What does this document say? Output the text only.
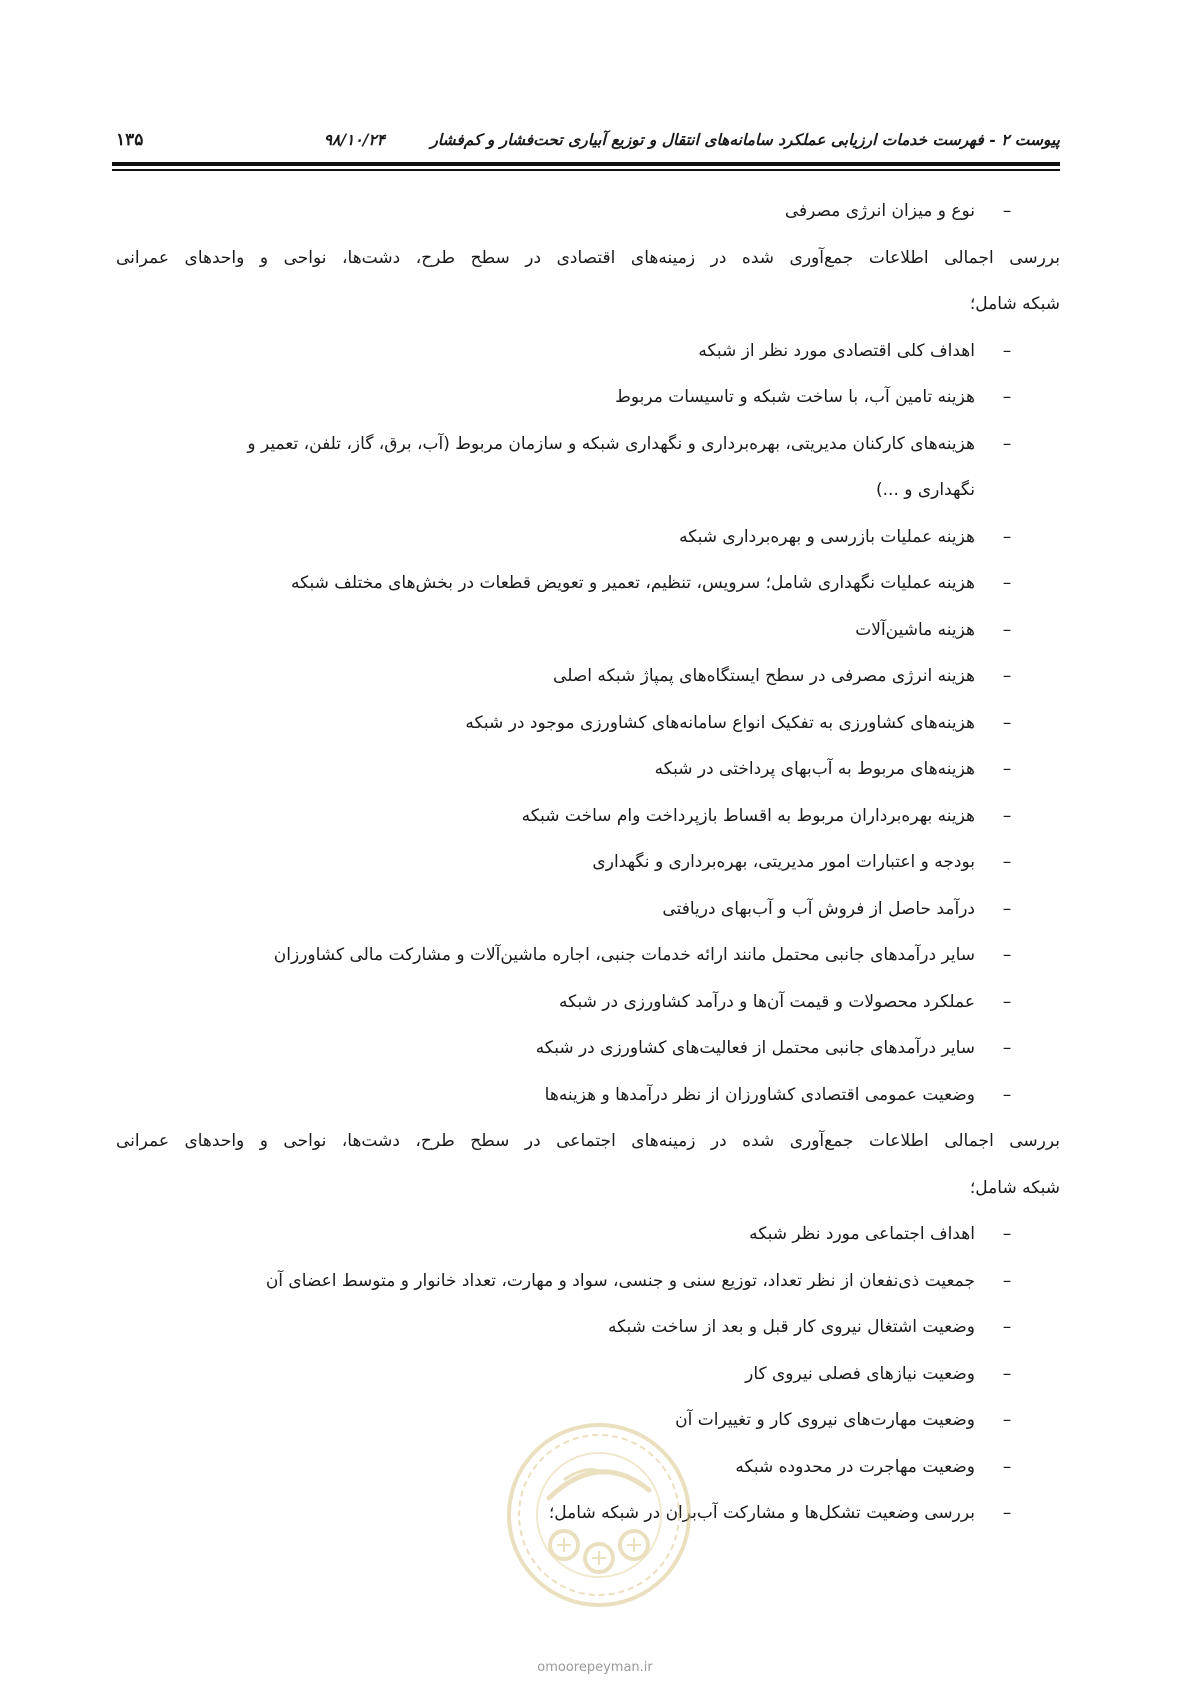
پیوست ۲ - فهرست خدمات ارزیابی عملکرد سامانه‌های انتقال و توزیع آبیاری تحت‌فشار و کم‌فشار
۹۸/۱۰/۲۴
۱۳۵
–
نوع و میزان انرژی مصرفی
بررسی اجمالی اطلاعات جمع‌آوری شده در زمینه‌های اقتصادی در سطح طرح، دشت‌ها، نواحی و واحدهای عمرانی
شبکه شامل؛
–
اهداف کلی اقتصادی مورد نظر از شبکه
–
هزینه تامین آب، با ساخت شبکه و تاسیسات مربوط
–
هزینه‌های کارکنان مدیریتی، بهره‌برداری و نگهداری شبکه و سازمان مربوط (آب، برق، گاز، تلفن، تعمیر و
نگهداری و ...)
–
هزینه عملیات بازرسی و بهره‌برداری شبکه
–
هزینه عملیات نگهداری شامل؛ سرویس، تنظیم، تعمیر و تعویض قطعات در بخش‌های مختلف شبکه
–
هزینه ماشین‌آلات
–
هزینه انرژی مصرفی در سطح ایستگاه‌های پمپاژ شبکه اصلی
–
هزینه‌های کشاورزی به تفکیک انواع سامانه‌های کشاورزی موجود در شبکه
–
هزینه‌های مربوط به آب‌بهای پرداختی در شبکه
–
هزینه بهره‌برداران مربوط به اقساط بازپرداخت وام ساخت شبکه
–
بودجه و اعتبارات امور مدیریتی، بهره‌برداری و نگهداری
–
درآمد حاصل از فروش آب و آب‌بهای دریافتی
–
سایر درآمدهای جانبی محتمل مانند ارائه خدمات جنبی، اجاره ماشین‌آلات و مشارکت مالی کشاورزان
–
عملکرد محصولات و قیمت آن‌ها و درآمد کشاورزی در شبکه
–
سایر درآمدهای جانبی محتمل از فعالیت‌های کشاورزی در شبکه
–
وضعیت عمومی اقتصادی کشاورزان از نظر درآمدها و هزینه‌ها
بررسی اجمالی اطلاعات جمع‌آوری شده در زمینه‌های اجتماعی در سطح طرح، دشت‌ها، نواحی و واحدهای عمرانی
شبکه شامل؛
–
اهداف اجتماعی مورد نظر شبکه
–
جمعیت ذی‌نفعان از نظر تعداد، توزیع سنی و جنسی، سواد و مهارت، تعداد خانوار و متوسط اعضای آن
–
وضعیت اشتغال نیروی کار قبل و بعد از ساخت شبکه
–
وضعیت نیازهای فصلی نیروی کار
–
وضعیت مهارت‌های نیروی کار و تغییرات آن
–
وضعیت مهاجرت در محدوده شبکه
–
بررسی وضعیت تشکل‌ها و مشارکت آب‌بران در شبکه شامل؛
omoorepeyman.ir
